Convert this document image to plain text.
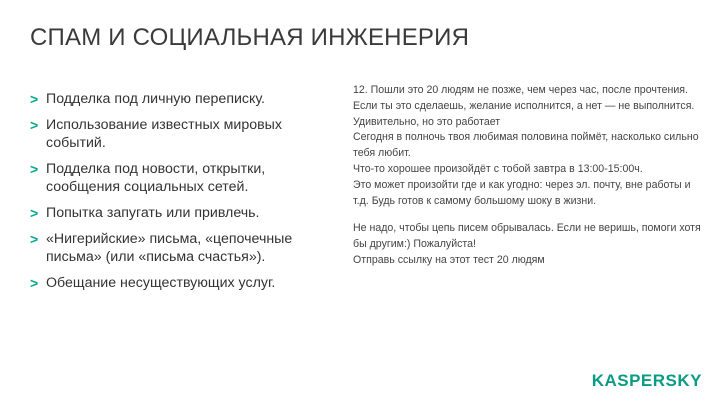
СПАМ И СОЦИАЛЬНАЯ ИНЖЕНЕРИЯ
> Подделка под личную переписку.
> Использование известных мировых событий.
> Подделка под новости, открытки, сообщения социальных сетей.
> Попытка запугать или привлечь.
> «Нигерийские» письма, «цепочечные письма» (или «письма счастья»).
> Обещание несуществующих услуг.

12. Пошли это 20 людям не позже, чем через час, после прочтения.
Если ты это сделаешь, желание исполнится, а нет — не выполнится.
Удивительно, но это работает
Сегодня в полночь твоя любимая половина поймёт, насколько сильно
тебя любит.
Что-то хорошее произойдёт с тобой завтра в 13:00-15:00ч.
Это может произойти где и как угодно: через эл. почту, вне работы и
т.д. Будь готов к самому большому шоку в жизни.

Не надо, чтобы цепь писем обрывалась. Если не веришь, помоги хотя
бы другим:) Пожалуйста!
Отправь ссылку на этот тест 20 людям

KASPERSKY
